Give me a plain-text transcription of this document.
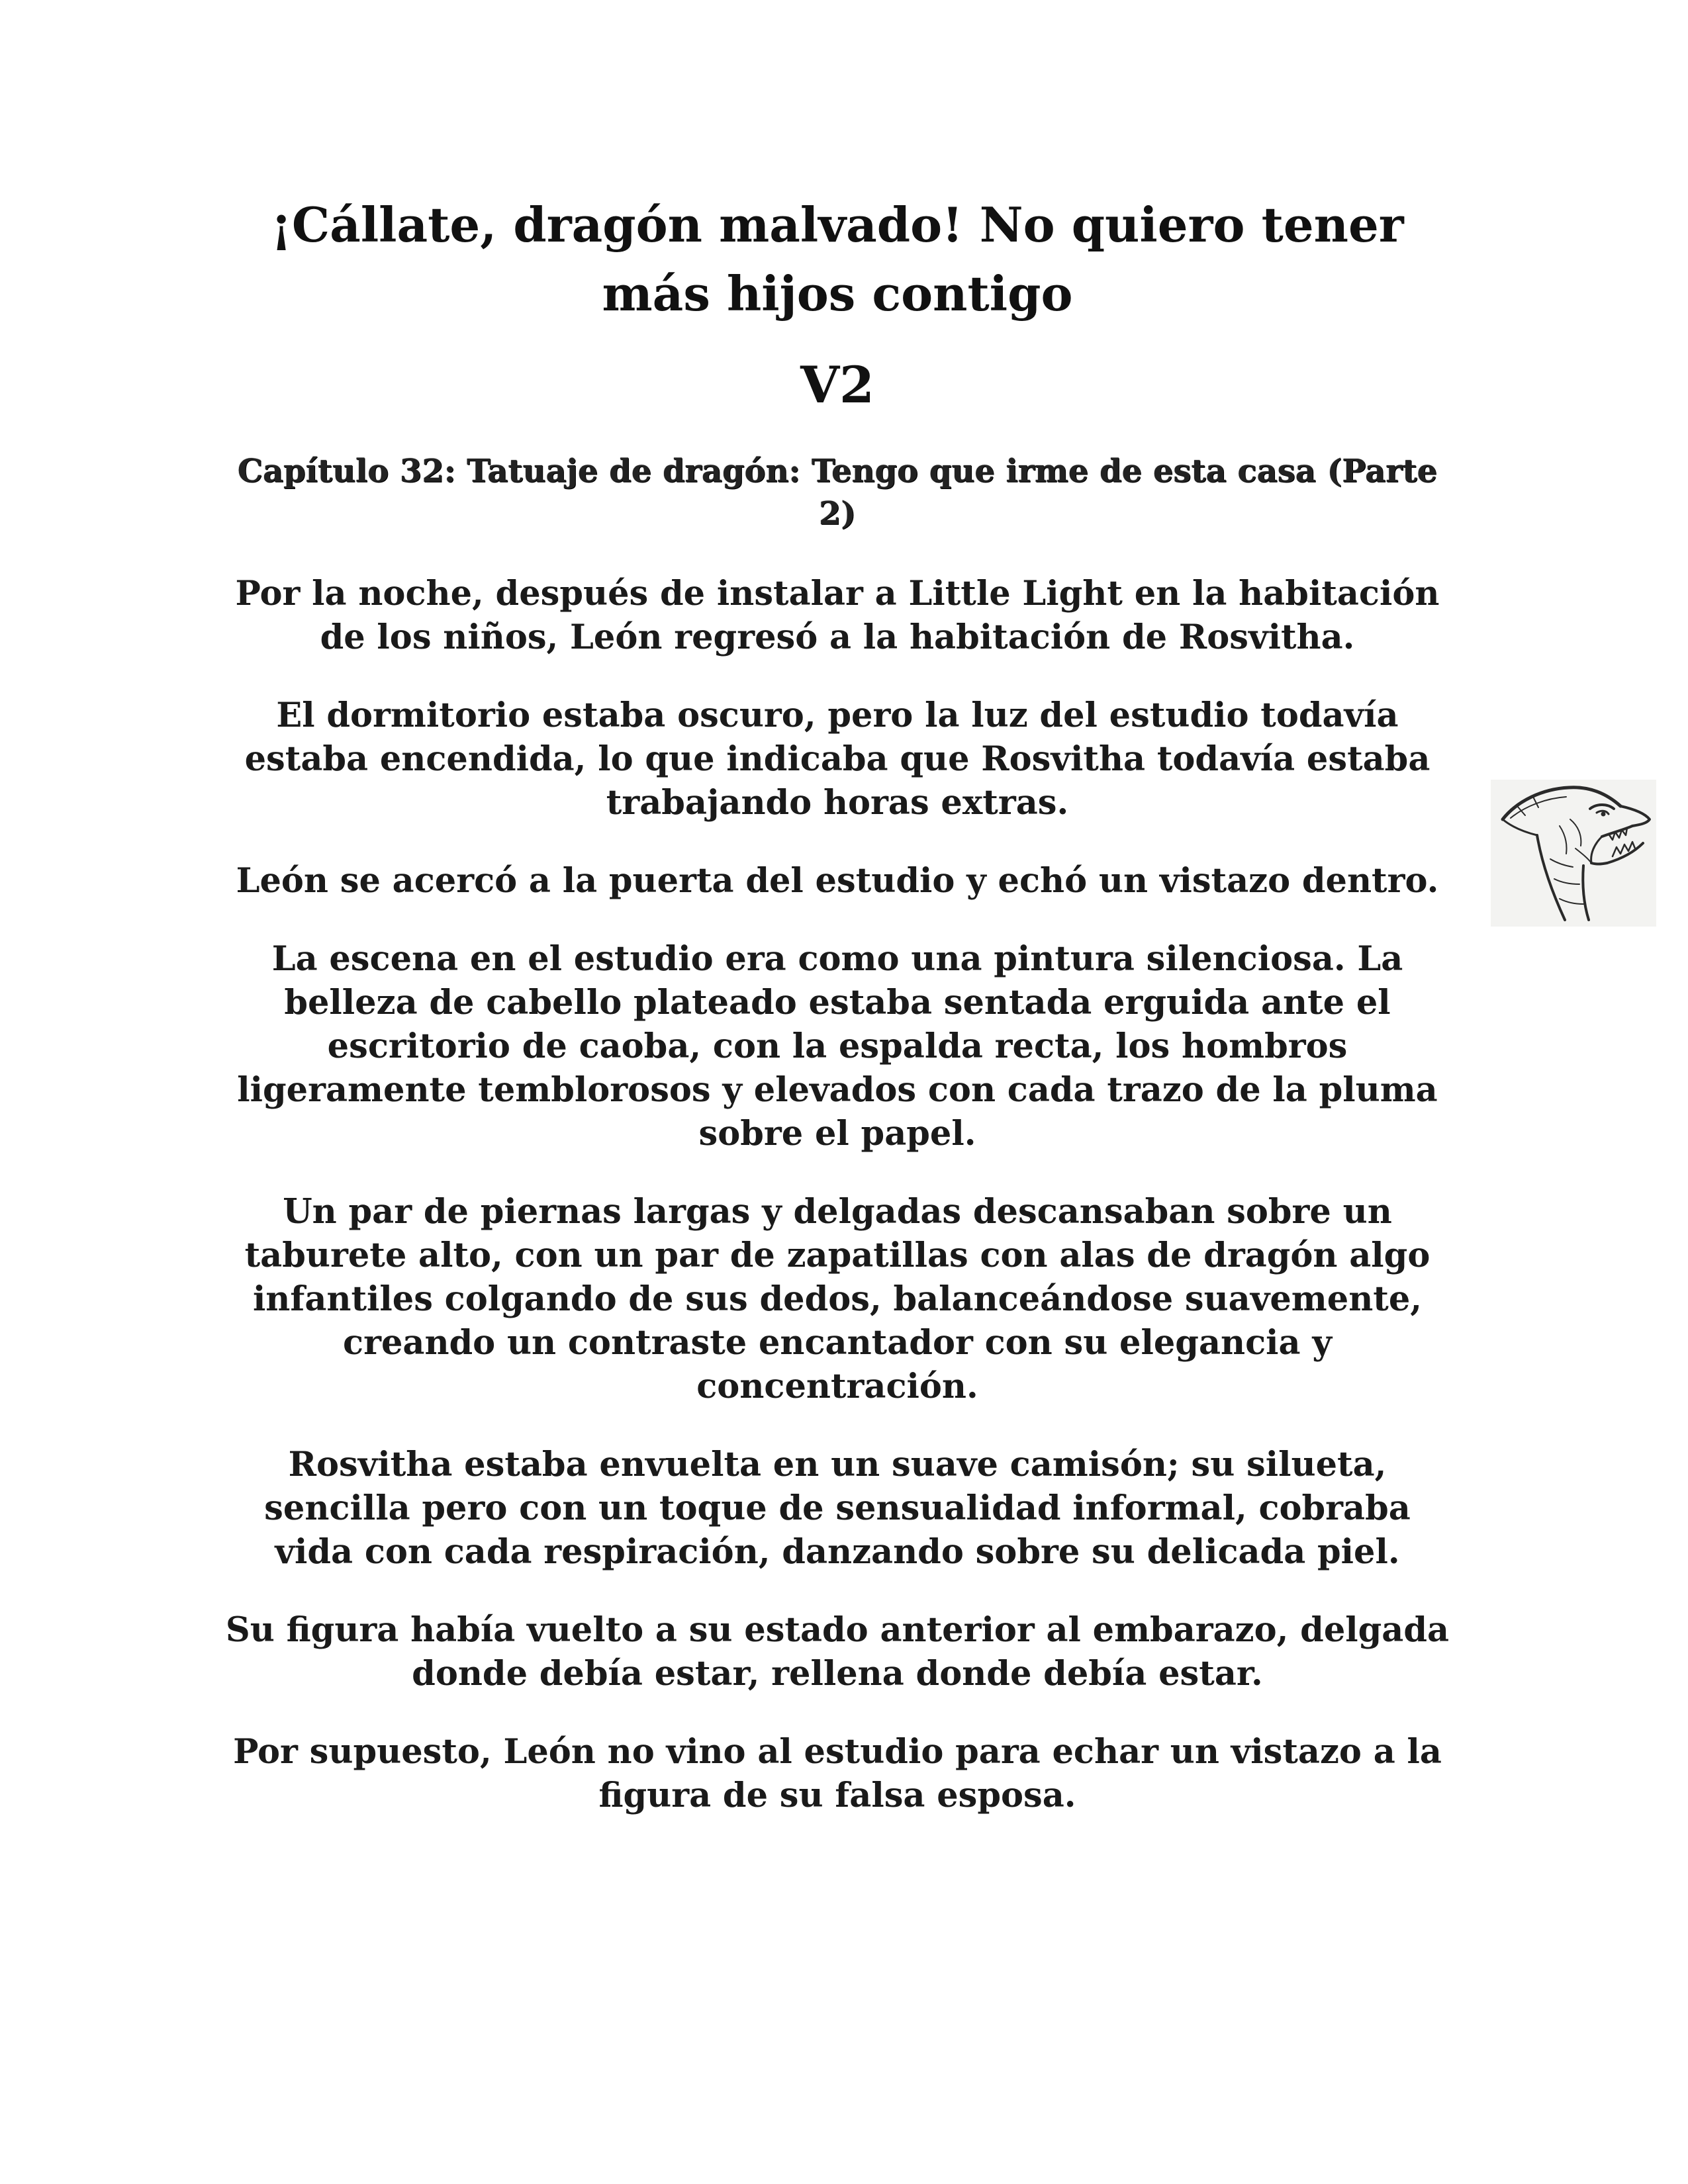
¡Cállate, dragón malvado! No quiero tener más hijos contigo
V2
Capítulo 32: Tatuaje de dragón: Tengo que irme de esta casa (Parte 2)

Por la noche, después de instalar a Little Light en la habitación de los niños, León regresó a la habitación de Rosvitha.

El dormitorio estaba oscuro, pero la luz del estudio todavía estaba encendida, lo que indicaba que Rosvitha todavía estaba trabajando horas extras.

León se acercó a la puerta del estudio y echó un vistazo dentro.

La escena en el estudio era como una pintura silenciosa. La belleza de cabello plateado estaba sentada erguida ante el escritorio de caoba, con la espalda recta, los hombros ligeramente temblorosos y elevados con cada trazo de la pluma sobre el papel.

Un par de piernas largas y delgadas descansaban sobre un taburete alto, con un par de zapatillas con alas de dragón algo infantiles colgando de sus dedos, balanceándose suavemente, creando un contraste encantador con su elegancia y concentración.

Rosvitha estaba envuelta en un suave camisón; su silueta, sencilla pero con un toque de sensualidad informal, cobraba vida con cada respiración, danzando sobre su delicada piel.

Su figura había vuelto a su estado anterior al embarazo, delgada donde debía estar, rellena donde debía estar.

Por supuesto, León no vino al estudio para echar un vistazo a la figura de su falsa esposa.
